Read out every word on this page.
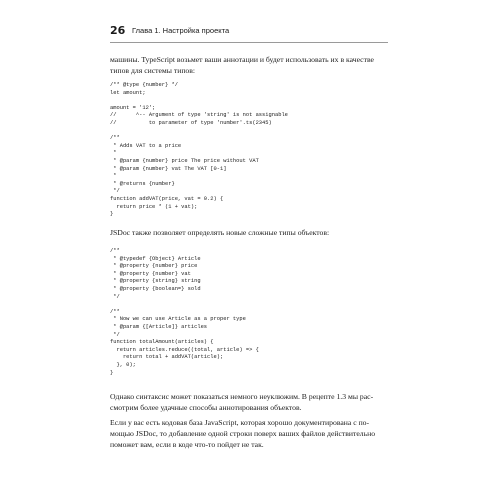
26 Глава 1. Настройка проекта
машины. TypeScript возьмет ваши аннотации и будет использовать их в качестве
типов для системы типов:
/** @type {number} */
let amount;

amount = '12';
//      ^-- Argument of type 'string' is not assignable
//          to parameter of type 'number'.ts(2345)

/**
* Adds VAT to a price
*
* @param {number} price The price without VAT
* @param {number} vat The VAT [0-1]
*
* @returns {number}
*/
function addVAT(price, vat = 0.2) {
return price * (1 + vat);
}
JSDoc также позволяет определять новые сложные типы объектов:
/**
* @typedef {Object} Article
* @property {number} price
* @property {number} vat
* @property {string} string
* @property {boolean=} sold
*/

/**
* Now we can use Article as a proper type
* @param {[Article]} articles
*/
function totalAmount(articles) {
return articles.reduce((total, article) => {
return total + addVAT(article);
}, 0);
}
Однако синтаксис может показаться немного неуклюжим. В рецепте 1.3 мы рас-
смотрим более удачные способы аннотирования объектов.
Если у вас есть кодовая база JavaScript, которая хорошо документирована с по-
мощью JSDoc, то добавление одной строки поверх ваших файлов действительно
поможет вам, если в коде что-то пойдет не так.
